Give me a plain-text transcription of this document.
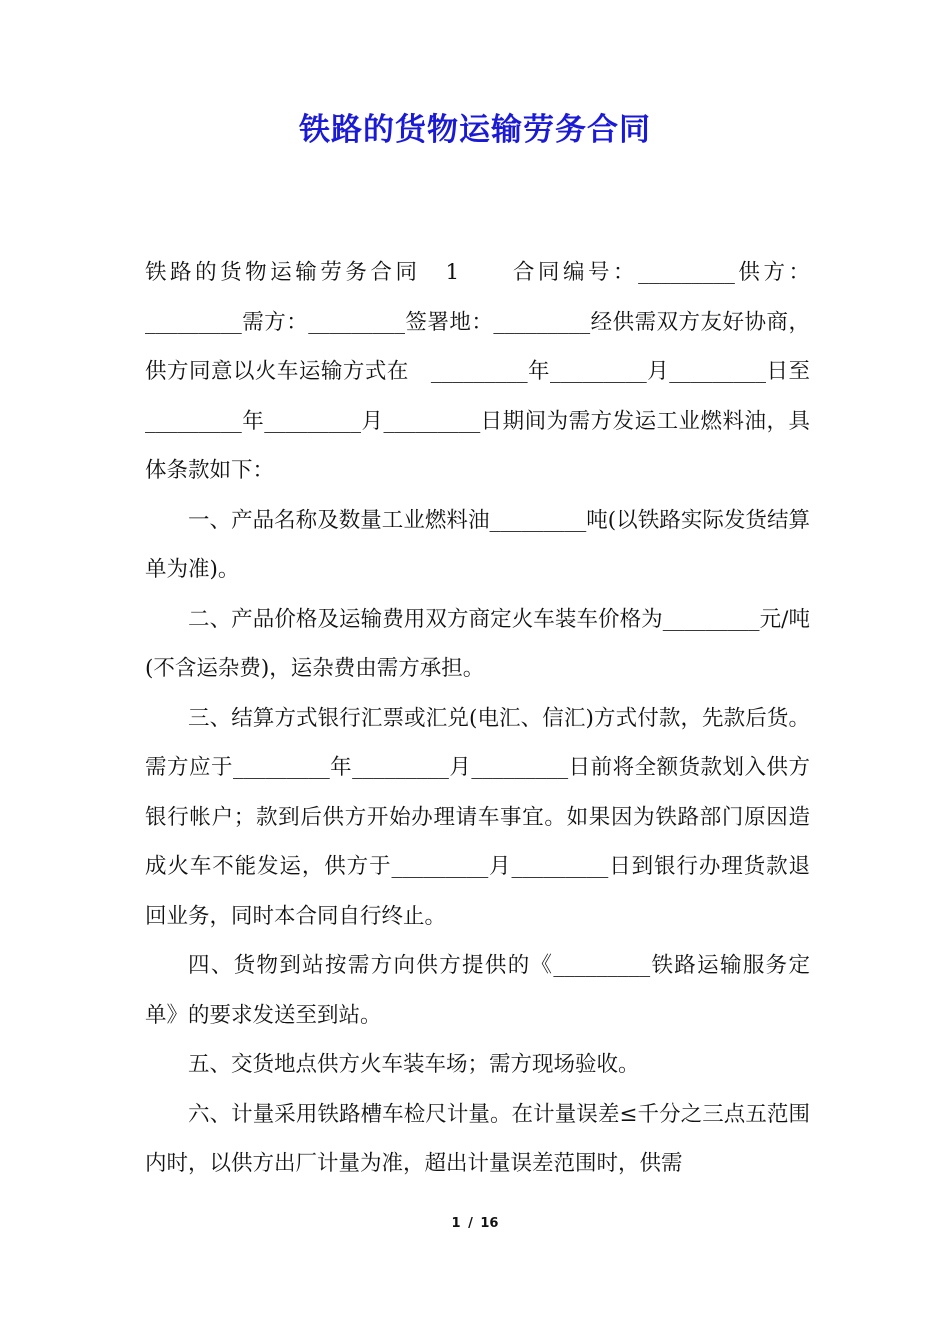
铁路的货物运输劳务合同

铁路的货物运输劳务合同　1　　合同编号：_________供方：_________需方：_________签署地：_________经供需双方友好协商，供方同意以火车运输方式在　_________年_________月_________日至_________年_________月_________日期间为需方发运工业燃料油，具体条款如下：

一、产品名称及数量工业燃料油_________吨(以铁路实际发货结算单为准)。

二、产品价格及运输费用双方商定火车装车价格为_________元/吨(不含运杂费)，运杂费由需方承担。

三、结算方式银行汇票或汇兑(电汇、信汇)方式付款，先款后货。需方应于_________年_________月_________日前将全额货款划入供方银行帐户；款到后供方开始办理请车事宜。如果因为铁路部门原因造成火车不能发运，供方于_________月_________日到银行办理货款退回业务，同时本合同自行终止。

四、货物到站按需方向供方提供的《_________铁路运输服务定单》的要求发送至到站。

五、交货地点供方火车装车场；需方现场验收。

六、计量采用铁路槽车检尺计量。在计量误差≤千分之三点五范围内时，以供方出厂计量为准，超出计量误差范围时，供需

1 / 16
